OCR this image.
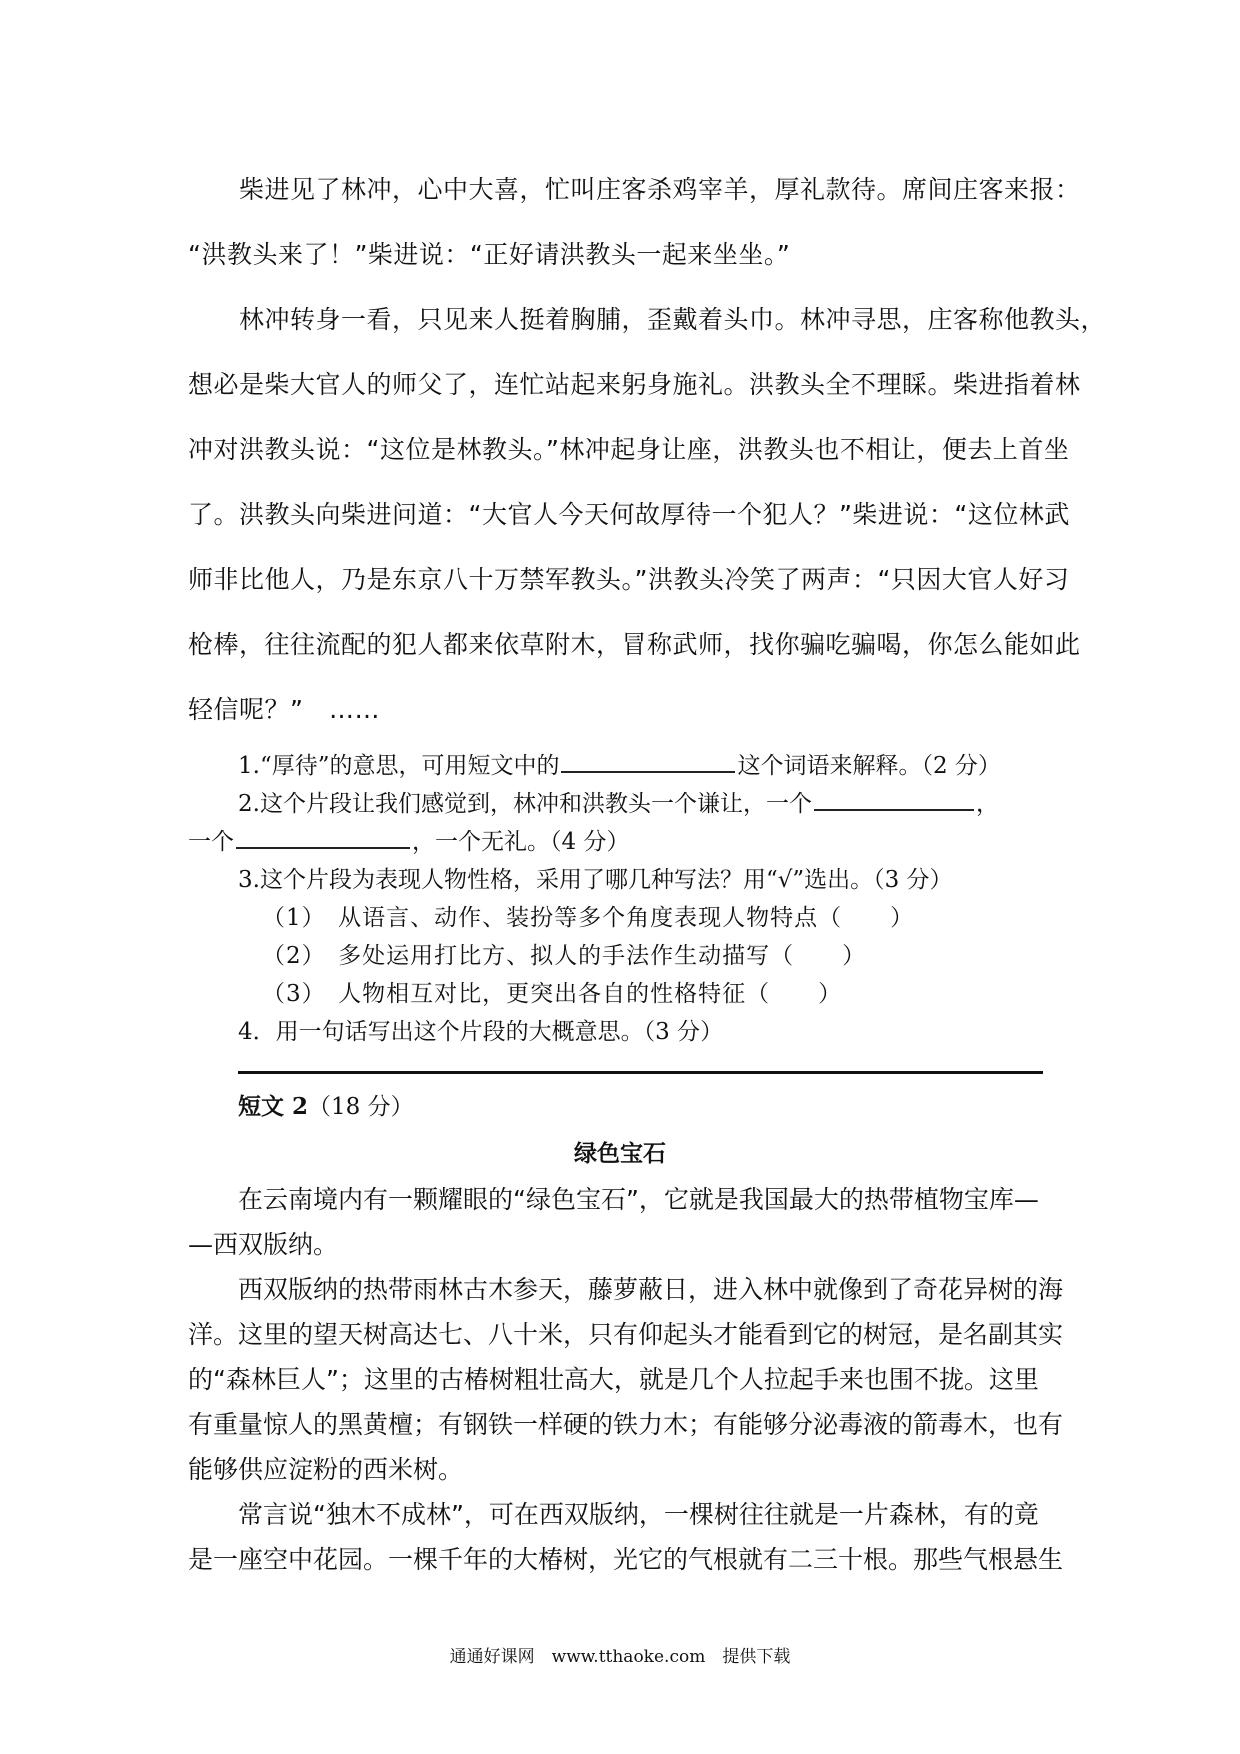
　　柴进见了林冲，心中大喜，忙叫庄客杀鸡宰羊，厚礼款待。席间庄客来报：
“洪教头来了！”柴进说：“正好请洪教头一起来坐坐。”
　　林冲转身一看，只见来人挺着胸脯，歪戴着头巾。林冲寻思，庄客称他教头，
想必是柴大官人的师父了，连忙站起来躬身施礼。洪教头全不理睬。柴进指着林
冲对洪教头说：“这位是林教头。”林冲起身让座，洪教头也不相让，便去上首坐
了。洪教头向柴进问道：“大官人今天何故厚待一个犯人？”柴进说：“这位林武
师非比他人，乃是东京八十万禁军教头。”洪教头冷笑了两声：“只因大官人好习
枪棒，往往流配的犯人都来依草附木，冒称武师，找你骗吃骗喝，你怎么能如此
轻信呢？”　……
1.“厚待”的意思，可用短文中的	这个词语来解释。（2 分）
2.这个片段让我们感觉到，林冲和洪教头一个谦让，一个	，
一个	，一个无礼。（4 分）
3.这个片段为表现人物性格，采用了哪几种写法？用“√”选出。（3 分）
（1）　从语言、动作、装扮等多个角度表现人物特点（　　）
（2）　多处运用打比方、拟人的手法作生动描写（　　）
（3）　人物相互对比，更突出各自的性格特征（　　）
4．用一句话写出这个片段的大概意思。（3 分）
短文 2（18 分）
绿色宝石
　　在云南境内有一颗耀眼的“绿色宝石”，它就是我国最大的热带植物宝库—
—西双版纳。
　　西双版纳的热带雨林古木参天，藤萝蔽日，进入林中就像到了奇花异树的海
洋。这里的望天树高达七、八十米，只有仰起头才能看到它的树冠，是名副其实
的“森林巨人”；这里的古椿树粗壮高大，就是几个人拉起手来也围不拢。这里
有重量惊人的黑黄檀；有钢铁一样硬的铁力木；有能够分泌毒液的箭毒木，也有
能够供应淀粉的西米树。
　　常言说“独木不成林”，可在西双版纳，一棵树往往就是一片森林，有的竟
是一座空中花园。一棵千年的大椿树，光它的气根就有二三十根。那些气根悬生
通通好课网　www.tthaoke.com　提供下载
